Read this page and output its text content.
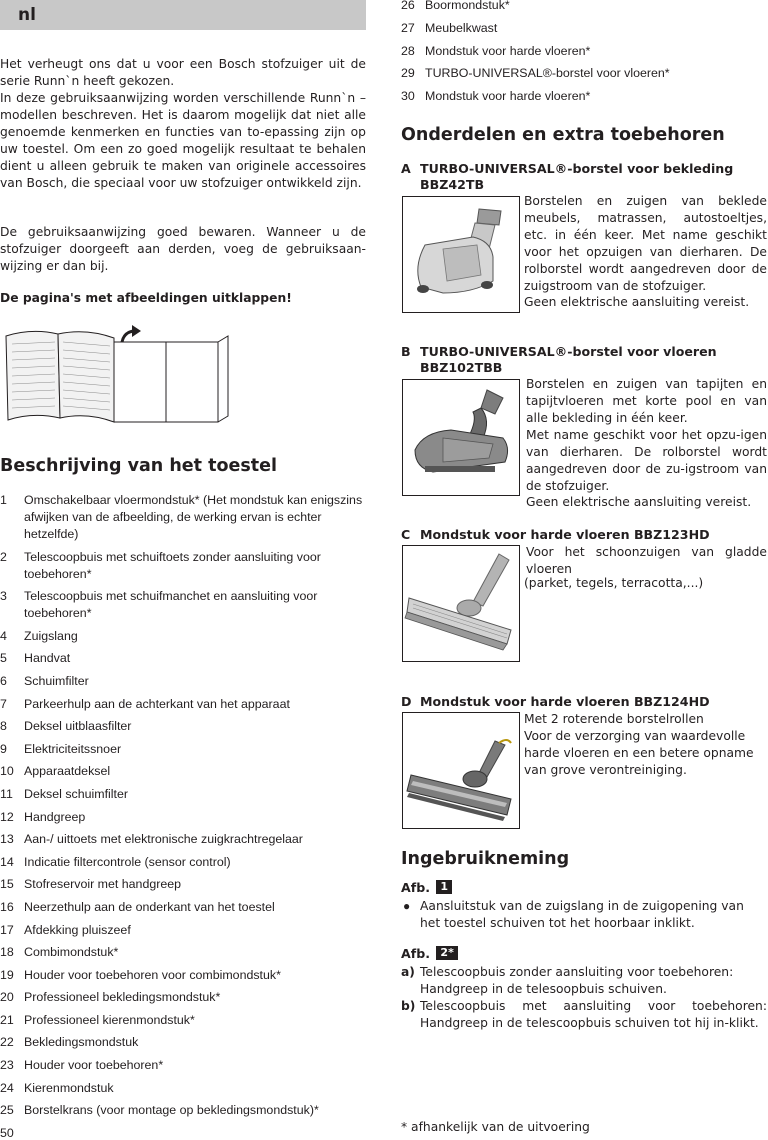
nl
Het verheugt ons dat u voor een Bosch stofzuiger uit de serie Runn`n heeft gekozen.
In deze gebruiksaanwijzing worden verschillende Runn`n – modellen beschreven. Het is daarom mogelijk dat niet alle genoemde kenmerken en functies van to-epassing zijn op uw toestel. Om een zo goed mogelijk resultaat te behalen dient u alleen gebruik te maken van originele accessoires van Bosch, die speciaal voor uw stofzuiger ontwikkeld zijn.
De gebruiksaanwijzing goed bewaren. Wanneer u de stofzuiger doorgeeft aan derden, voeg de gebruiksaan-wijzing er dan bij.
De pagina's met afbeeldingen uitklappen!
Beschrijving van het toestel
1 Omschakelbaar vloermondstuk* (Het mondstuk kan enigszins afwijken van de afbeelding, de werking ervan is echter hetzelfde)
2 Telescoopbuis met schuiftoets zonder aansluiting voor toebehoren*
3 Telescoopbuis met schuifmanchet en aansluiting voor toebehoren*
4 Zuigslang
5 Handvat
6 Schuimfilter
7 Parkeerhulp aan de achterkant van het apparaat
8 Deksel uitblaasfilter
9 Elektriciteitssnoer
10 Apparaatdeksel
11 Deksel schuimfilter
12 Handgreep
13 Aan-/ uittoets met elektronische zuigkrachtregelaar
14 Indicatie filtercontrole (sensor control)
15 Stofreservoir met handgreep
16 Neerzethulp aan de onderkant van het toestel
17 Afdekking pluiszeef
18 Combimondstuk*
19 Houder voor toebehoren voor combimondstuk*
20 Professioneel bekledingsmondstuk*
21 Professioneel kierenmondstuk*
22 Bekledingsmondstuk
23 Houder voor toebehoren*
24 Kierenmondstuk
25 Borstelkrans (voor montage op bekledingsmondstuk)*
50
26 Boormondstuk*
27 Meubelkwast
28 Mondstuk voor harde vloeren*
29 TURBO-UNIVERSAL®-borstel voor vloeren*
30 Mondstuk voor harde vloeren*
Onderdelen en extra toebehoren
A TURBO-UNIVERSAL®-borstel voor bekleding
BBZ42TB
Borstelen en zuigen van beklede meubels, matrassen, autostoeltjes, etc. in één keer. Met name geschikt voor het opzuigen van dierharen. De rolborstel wordt aangedreven door de zuigstroom van de stofzuiger.
Geen elektrische aansluiting vereist.
B TURBO-UNIVERSAL®-borstel voor vloeren
BBZ102TBB
Borstelen en zuigen van tapijten en tapijtvloeren met korte pool en van alle bekleding in één keer.
Met name geschikt voor het opzu-igen van dierharen. De rolborstel wordt aangedreven door de zu-igstroom van de stofzuiger.
Geen elektrische aansluiting vereist.
C Mondstuk voor harde vloeren BBZ123HD
Voor het schoonzuigen van gladde vloeren
(parket, tegels, terracotta,...)
D Mondstuk voor harde vloeren BBZ124HD
Met 2 roterende borstelrollen
Voor de verzorging van waardevolle harde vloeren en een betere opname van grove verontreiniging.
Ingebruikneming
Afb. 1
● Aansluitstuk van de zuigslang in de zuigopening van het toestel schuiven tot het hoorbaar inklikt.
Afb. 2*
a) Telescoopbuis zonder aansluiting voor toebehoren: Handgreep in de telesoopbuis schuiven.
b) Telescoopbuis met aansluiting voor toebehoren: Handgreep in de telescoopbuis schuiven tot hij in-klikt.
* afhankelijk van de uitvoering
